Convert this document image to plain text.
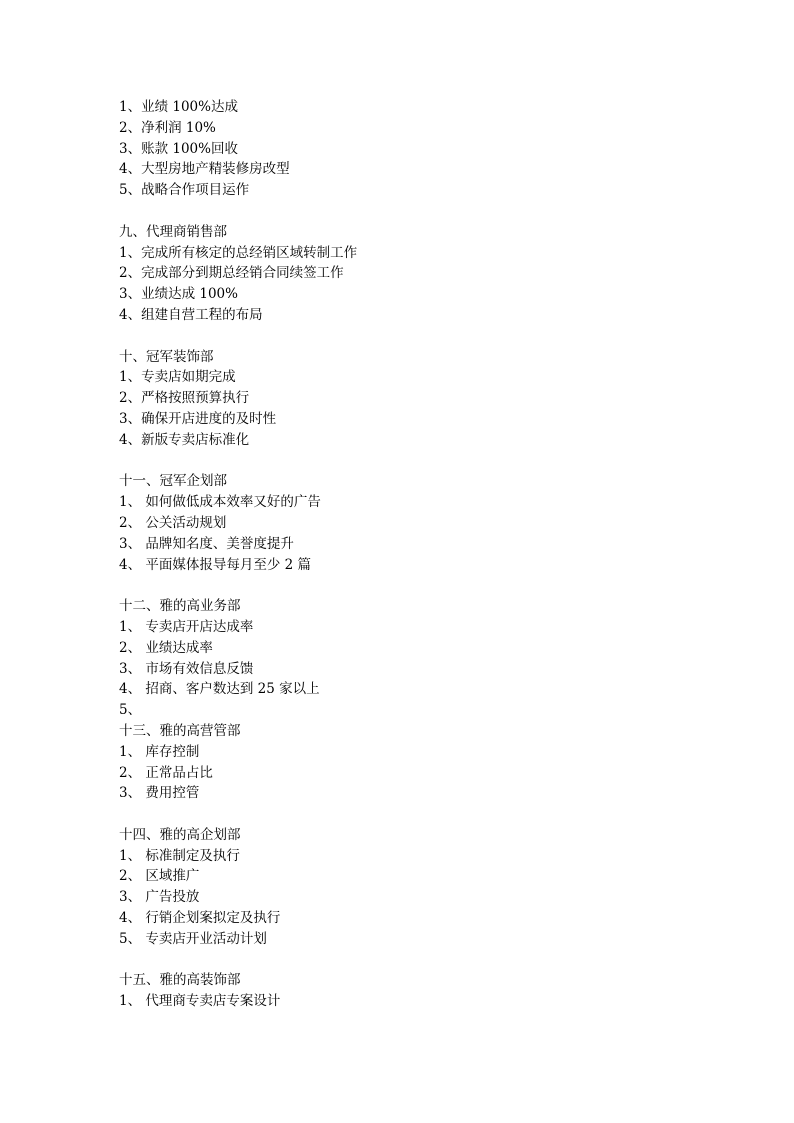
1、业绩 100%达成
2、净利润 10%
3、账款 100%回收
4、大型房地产精装修房改型
5、战略合作项目运作
九、代理商销售部
1、完成所有核定的总经销区域转制工作
2、完成部分到期总经销合同续签工作
3、业绩达成 100%
4、组建自营工程的布局
十、冠军装饰部
1、专卖店如期完成
2、严格按照预算执行
3、确保开店进度的及时性
4、新版专卖店标准化
十一、冠军企划部
1、 如何做低成本效率又好的广告
2、 公关活动规划
3、 品牌知名度、美誉度提升
4、 平面媒体报导每月至少 2 篇
十二、雅的高业务部
1、 专卖店开店达成率
2、 业绩达成率
3、 市场有效信息反馈
4、 招商、客户数达到 25 家以上
5、
十三、雅的高营管部
1、 库存控制
2、 正常品占比
3、 费用控管
十四、雅的高企划部
1、 标准制定及执行
2、 区域推广
3、 广告投放
4、 行销企划案拟定及执行
5、 专卖店开业活动计划
十五、雅的高装饰部
1、 代理商专卖店专案设计
